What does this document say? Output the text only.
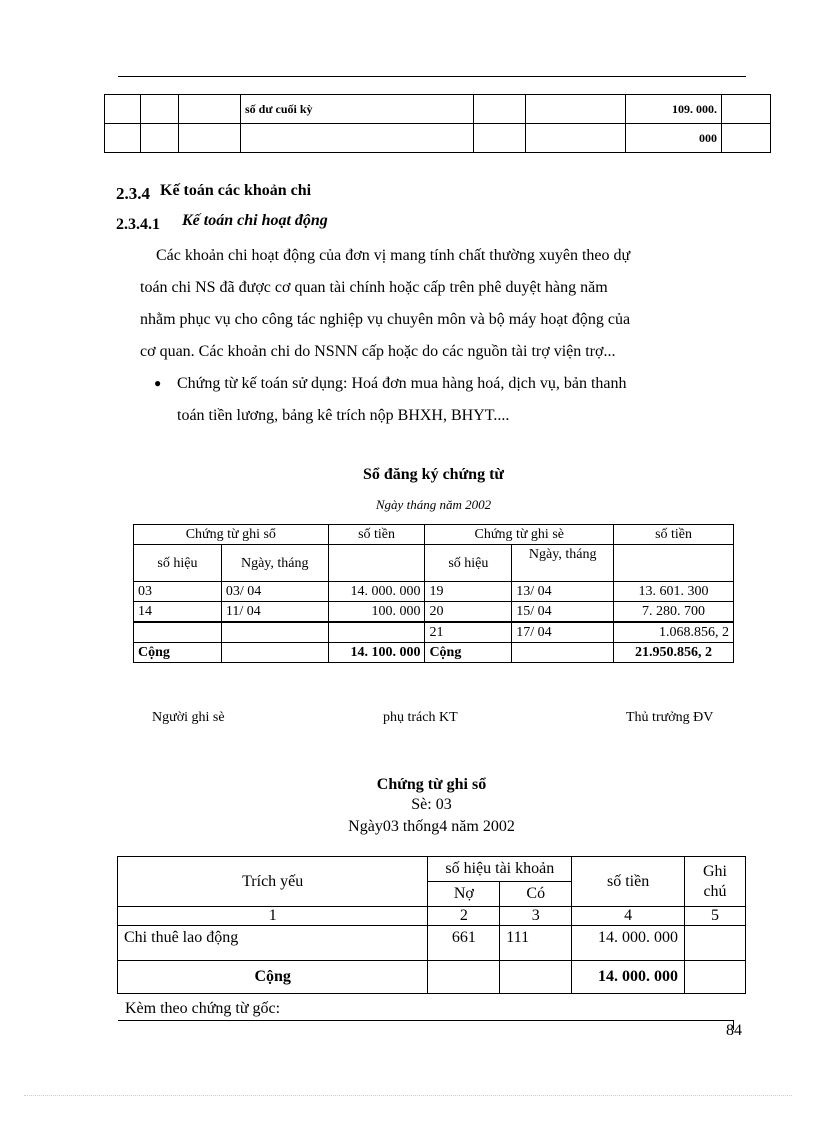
			số dư cuối kỳ			109. 000.	
						000	
2.3.4 Kế toán các khoản chi
2.3.4.1 Kế toán chi hoạt động
Các khoản chi hoạt động của đơn vị mang tính chất thường xuyên theo dự
toán chi NS đã được cơ quan tài chính hoặc cấp trên phê duyệt hàng năm
nhằm phục vụ cho công tác nghiệp vụ chuyên môn và bộ máy hoạt động của
cơ quan. Các khoản chi do NSNN cấp hoặc do các nguồn tài trợ viện trợ...
● Chứng từ kế toán sử dụng: Hoá đơn mua hàng hoá, dịch vụ, bản thanh
toán tiền lương, bảng kê trích nộp BHXH, BHYT....
Sổ đăng ký chứng từ
Ngày tháng năm 2002
Chứng từ ghi sổ		số tiền	Chứng từ ghi sè		số tiền
số hiệu	Ngày, tháng		số hiệu	Ngày, tháng	
03	03/ 04	14. 000. 000	19	13/ 04	13. 601. 300
14	11/ 04	100. 000	20	15/ 04	7. 280. 700
			21	17/ 04	1.068.856, 2
Cộng		14. 100. 000	Cộng		21.950.856, 2
Người ghi sè	phụ trách KT	Thủ trưởng ĐV
Chứng từ ghi sổ
Sè: 03
Ngày03 thống4 năm 2002
Trích yếu	số hiệu tài khoản		số tiền	Ghi chú
	Nợ	Có		
1	2	3	4	5
Chi thuê lao động	661	111	14. 000. 000	
Cộng			14. 000. 000	
Kèm theo chứng từ gốc:
84
